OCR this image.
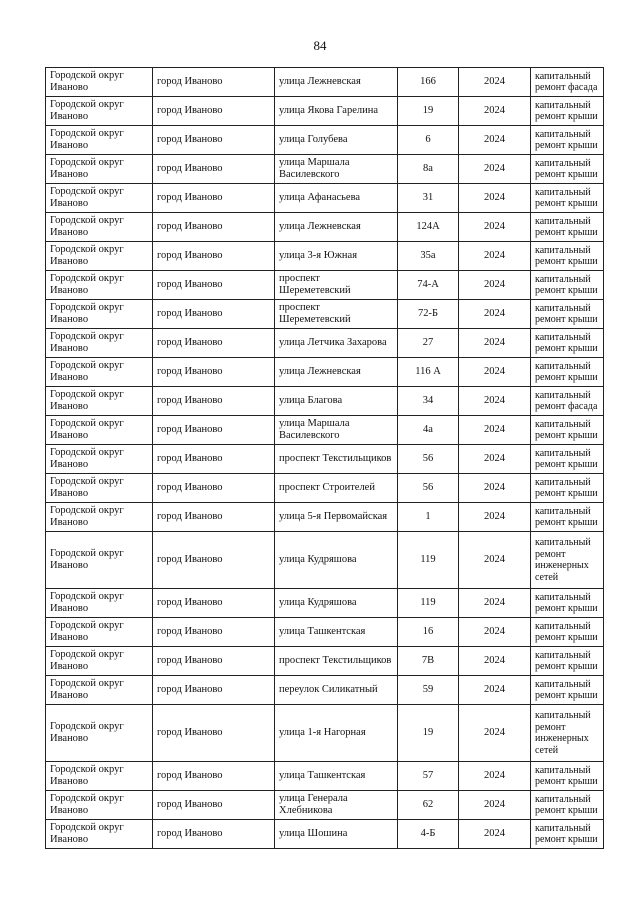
84
Городской округ Иваново	город Иваново	улица Лежневская	166	2024	капитальный ремонт фасада
Городской округ Иваново	город Иваново	улица Якова Гарелина	19	2024	капитальный ремонт крыши
Городской округ Иваново	город Иваново	улица Голубева	6	2024	капитальный ремонт крыши
Городской округ Иваново	город Иваново	улица Маршала Василевского	8а	2024	капитальный ремонт крыши
Городской округ Иваново	город Иваново	улица Афанасьева	31	2024	капитальный ремонт крыши
Городской округ Иваново	город Иваново	улица Лежневская	124А	2024	капитальный ремонт крыши
Городской округ Иваново	город Иваново	улица 3-я Южная	35а	2024	капитальный ремонт крыши
Городской округ Иваново	город Иваново	проспект Шереметевский	74-А	2024	капитальный ремонт крыши
Городской округ Иваново	город Иваново	проспект Шереметевский	72-Б	2024	капитальный ремонт крыши
Городской округ Иваново	город Иваново	улица Летчика Захарова	27	2024	капитальный ремонт крыши
Городской округ Иваново	город Иваново	улица Лежневская	116 А	2024	капитальный ремонт крыши
Городской округ Иваново	город Иваново	улица Благова	34	2024	капитальный ремонт фасада
Городской округ Иваново	город Иваново	улица Маршала Василевского	4а	2024	капитальный ремонт крыши
Городской округ Иваново	город Иваново	проспект Текстильщиков	56	2024	капитальный ремонт крыши
Городской округ Иваново	город Иваново	проспект Строителей	56	2024	капитальный ремонт крыши
Городской округ Иваново	город Иваново	улица 5-я Первомайская	1	2024	капитальный ремонт крыши
Городской округ Иваново	город Иваново	улица Кудряшова	119	2024	капитальный ремонт инженерных сетей
Городской округ Иваново	город Иваново	улица Кудряшова	119	2024	капитальный ремонт крыши
Городской округ Иваново	город Иваново	улица Ташкентская	16	2024	капитальный ремонт крыши
Городской округ Иваново	город Иваново	проспект Текстильщиков	7В	2024	капитальный ремонт крыши
Городской округ Иваново	город Иваново	переулок Силикатный	59	2024	капитальный ремонт крыши
Городской округ Иваново	город Иваново	улица 1-я Нагорная	19	2024	капитальный ремонт инженерных сетей
Городской округ Иваново	город Иваново	улица Ташкентская	57	2024	капитальный ремонт крыши
Городской округ Иваново	город Иваново	улица Генерала Хлебникова	62	2024	капитальный ремонт крыши
Городской округ Иваново	город Иваново	улица Шошина	4-Б	2024	капитальный ремонт крыши
